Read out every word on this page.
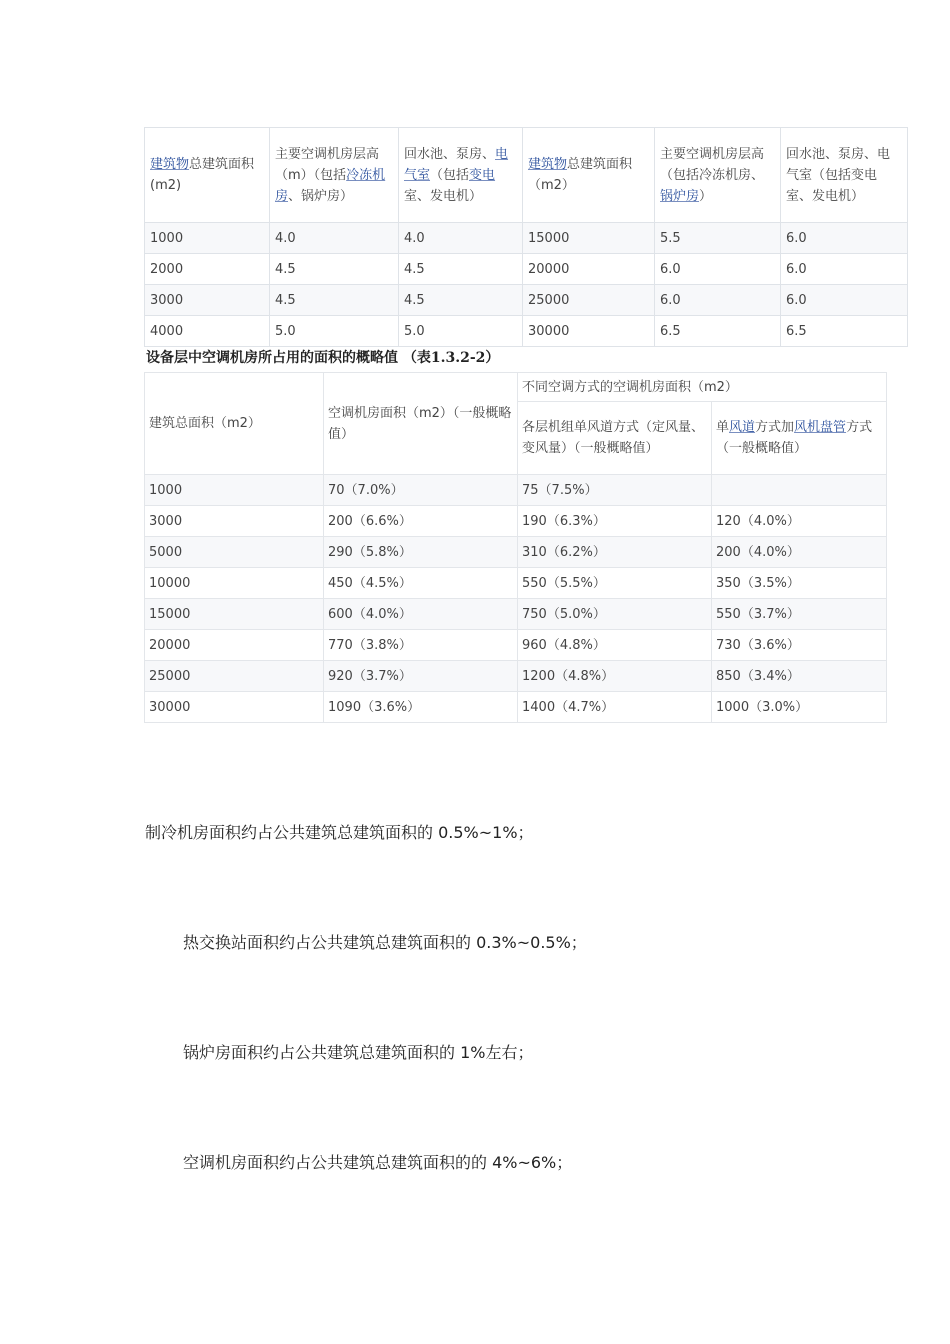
建筑物总建筑面积(m2)	主要空调机房层高（m）（包括冷冻机房、锅炉房）	回水池、泵房、电气室（包括变电室、发电机）	建筑物总建筑面积（m2）	主要空调机房层高（包括冷冻机房、锅炉房）	回水池、泵房、电气室（包括变电室、发电机）
1000	4.0	4.0	15000	5.5	6.0
2000	4.5	4.5	20000	6.0	6.0
3000	4.5	4.5	25000	6.0	6.0
4000	5.0	5.0	30000	6.5	6.5
设备层中空调机房所占用的面积的概略值 （表1.3.2-2）
建筑总面积（m2）	空调机房面积（m2）（一般概略值）	不同空调方式的空调机房面积（m2）	
		各层机组单风道方式（定风量、变风量）（一般概略值）	单风道方式加风机盘管方式（一般概略值）
1000	70（7.0%）	75（7.5%）	
3000	200（6.6%）	190（6.3%）	120（4.0%）
5000	290（5.8%）	310（6.2%）	200（4.0%）
10000	450（4.5%）	550（5.5%）	350（3.5%）
15000	600（4.0%）	750（5.0%）	550（3.7%）
20000	770（3.8%）	960（4.8%）	730（3.6%）
25000	920（3.7%）	1200（4.8%）	850（3.4%）
30000	1090（3.6%）	1400（4.7%）	1000（3.0%）
制冷机房面积约占公共建筑总建筑面积的 0.5%~1%；
热交换站面积约占公共建筑总建筑面积的 0.3%~0.5%；
锅炉房面积约占公共建筑总建筑面积的 1%左右；
空调机房面积约占公共建筑总建筑面积的的 4%~6%；
